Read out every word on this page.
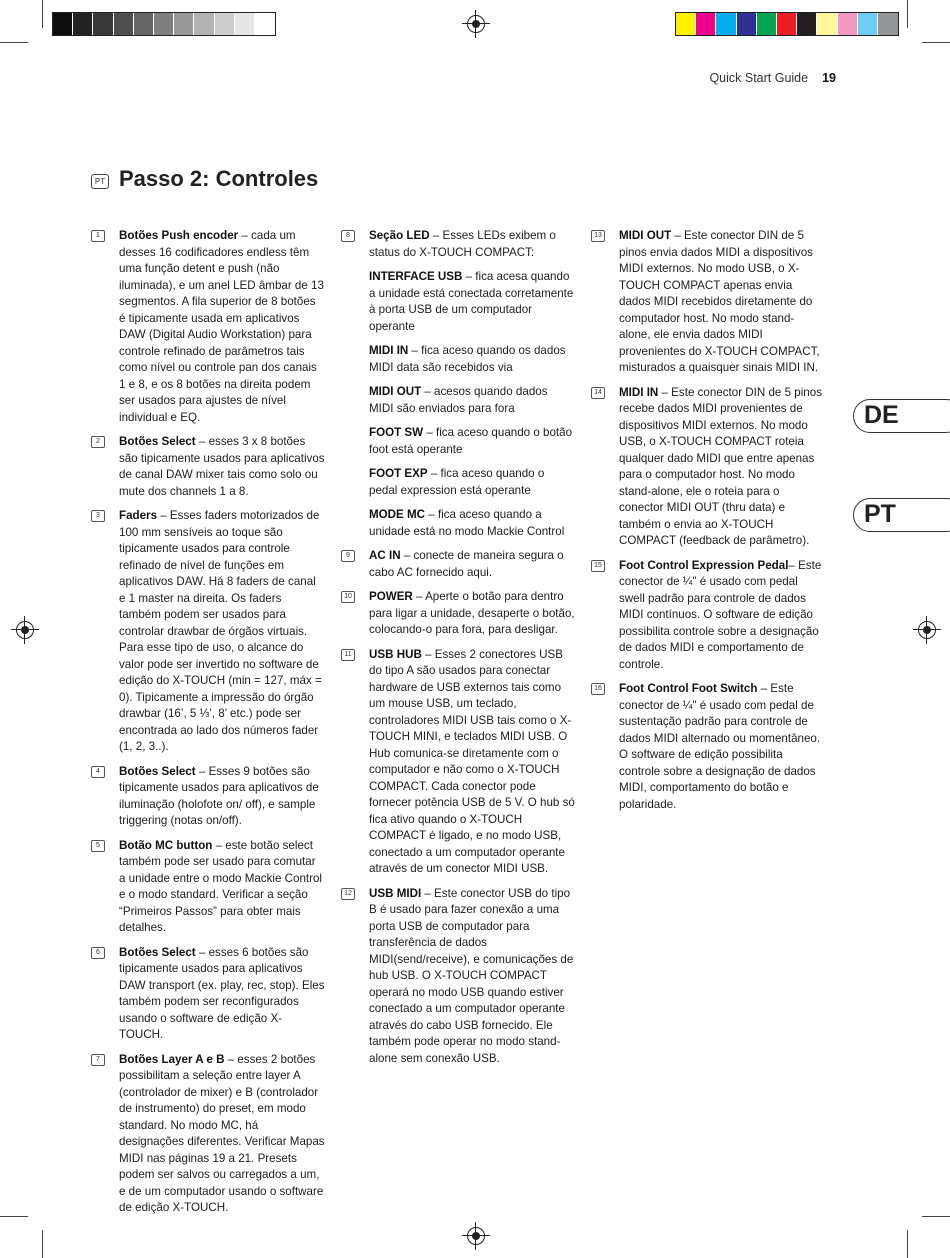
Quick Start Guide 19
PT Passo 2: Controles
DE
PT
1	Botões Push encoder – cada um desses 16 codificadores endless têm uma função detent e push (não iluminada), e um anel LED âmbar de 13 segmentos. A fila superior de 8 botões é tipicamente usada em aplicativos DAW (Digital Audio Workstation) para controle refinado de parâmetros tais como nível ou controle pan dos canais 1 e 8, e os 8 botões na direita podem ser usados para ajustes de nível individual e EQ.
2	Botões Select – esses 3 x 8 botões são tipicamente usados para aplicativos de canal DAW mixer tais como solo ou mute dos channels 1 a 8.
3	Faders – Esses faders motorizados de 100 mm sensíveis ao toque são tipicamente usados para controle refinado de nível de funções em aplicativos DAW. Há 8 faders de canal e 1 master na direita. Os faders também podem ser usados para controlar drawbar de órgãos virtuais. Para esse tipo de uso, o alcance do valor pode ser invertido no software de edição do X-TOUCH (min = 127, máx = 0). Tipicamente a impressão do órgão drawbar (16’, 5 ⅓’, 8’ etc.) pode ser encontrada ao lado dos números fader (1, 2, 3..).
4	Botões Select – Esses 9 botões são tipicamente usados para aplicativos de iluminação (holofote on/ off), e sample triggering (notas on/off).
5	Botão MC button – este botão select também pode ser usado para comutar a unidade entre o modo Mackie Control e o modo standard. Verificar a seção “Primeiros Passos” para obter mais detalhes.
6	Botões Select – esses 6 botões são tipicamente usados para aplicativos DAW transport (ex. play, rec, stop). Eles também podem ser reconfigurados usando o software de edição X-TOUCH.
7	Botões Layer A e B – esses 2 botões possibilitam a seleção entre layer A (controlador de mixer) e B (controlador de instrumento) do preset, em modo standard. No modo MC, há designações diferentes. Verificar Mapas MIDI nas páginas 19 a 21. Presets podem ser salvos ou carregados a um, e de um computador usando o software de edição X-TOUCH.
8	Seção LED – Esses LEDs exibem o status do X-TOUCH COMPACT:
INTERFACE USB – fica acesa quando a unidade está conectada corretamente à porta USB de um computador operante
MIDI IN – fica aceso quando os dados MIDI data são recebidos via
MIDI OUT – acesos quando dados MIDI são enviados para fora
FOOT SW – fica aceso quando o botão foot está operante
FOOT EXP – fica aceso quando o pedal expression está operante
MODE MC – fica aceso quando a unidade está no modo Mackie Control
9	AC IN – conecte de maneira segura o cabo AC fornecido aqui.
10 POWER – Aperte o botão para dentro para ligar a unidade, desaperte o botão, colocando-o para fora, para desligar.
11 USB HUB – Esses 2 conectores USB do tipo A são usados para conectar hardware de USB externos tais como um mouse USB, um teclado, controladores MIDI USB tais como o X-TOUCH MINI, e teclados MIDI USB. O Hub comunica-se diretamente com o computador e não como o X-TOUCH COMPACT. Cada conector pode fornecer potência USB de 5 V. O hub só fica ativo quando o X-TOUCH COMPACT é ligado, e no modo USB, conectado a um computador operante através de um conector MIDI USB.
12 USB MIDI – Este conector USB do tipo B é usado para fazer conexão a uma porta USB de computador para transferência de dados MIDI(send/receive), e comunicações de hub USB. O X-TOUCH COMPACT operará no modo USB quando estiver conectado a um computador operante através do cabo USB fornecido. Ele também pode operar no modo stand-alone sem conexão USB.
13 MIDI OUT – Este conector DIN de 5 pinos envia dados MIDI a dispositivos MIDI externos. No modo USB, o X-TOUCH COMPACT apenas envia dados MIDI recebidos diretamente do computador host. No modo stand-alone, ele envia dados MIDI provenientes do X-TOUCH COMPACT, misturados a quaisquer sinais MIDI IN.
14 MIDI IN – Este conector DIN de 5 pinos recebe dados MIDI provenientes de dispositivos MIDI externos. No modo USB, o X-TOUCH COMPACT roteia qualquer dado MIDI que entre apenas para o computador host. No modo stand-alone, ele o roteia para o conector MIDI OUT (thru data) e também o envia ao X-TOUCH COMPACT (feedback de parâmetro).
15 Foot Control Expression Pedal– Este conector de ¼" é usado com pedal swell padrão para controle de dados MIDI contínuos. O software de edição possibilita controle sobre a designação de dados MIDI e comportamento de controle.
16 Foot Control Foot Switch – Este conector de ¼" é usado com pedal de sustentação padrão para controle de dados MIDI alternado ou momentâneo. O software de edição possibilita controle sobre a designação de dados MIDI, comportamento do botão e polaridade.
